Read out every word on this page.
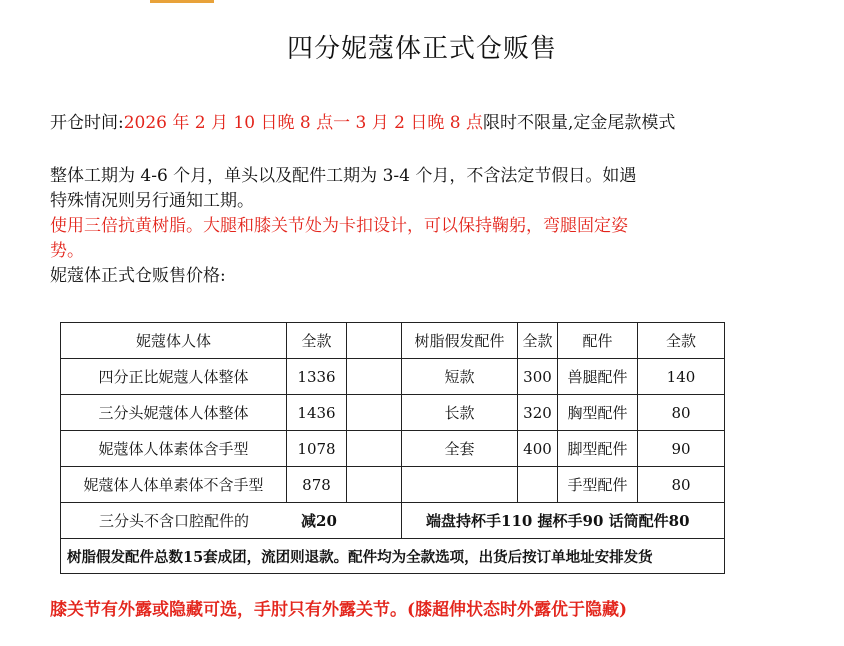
四分妮蔻体正式仓贩售
开仓时间:2026 年 2 月 10 日晚 8 点一 3 月 2 日晚 8 点限时不限量,定金尾款模式
整体工期为 4-6 个月，单头以及配件工期为 3-4 个月，不含法定节假日。如遇
特殊情况则另行通知工期。
使用三倍抗黄树脂。大腿和膝关节处为卡扣设计，可以保持鞠躬，弯腿固定姿
势。
妮蔻体正式仓贩售价格:
妮蔻体人体	全款		树脂假发配件	全款	配件	全款
四分正比妮蔻人体整体	1336		短款	300	兽腿配件	140
三分头妮蔻体人体整体	1436		长款	320	胸型配件	80
妮蔻体人体素体含手型	1078		全套	400	脚型配件	90
妮蔻体人体单素体不含手型	878				手型配件	80
三分头不含口腔配件的 减20			端盘持杯手110 握杯手90 话筒配件80			
树脂假发配件总数15套成团，流团则退款。配件均为全款选项，出货后按订单地址安排发货						
膝关节有外露或隐藏可选，手肘只有外露关节。(膝超伸状态时外露优于隐藏)
